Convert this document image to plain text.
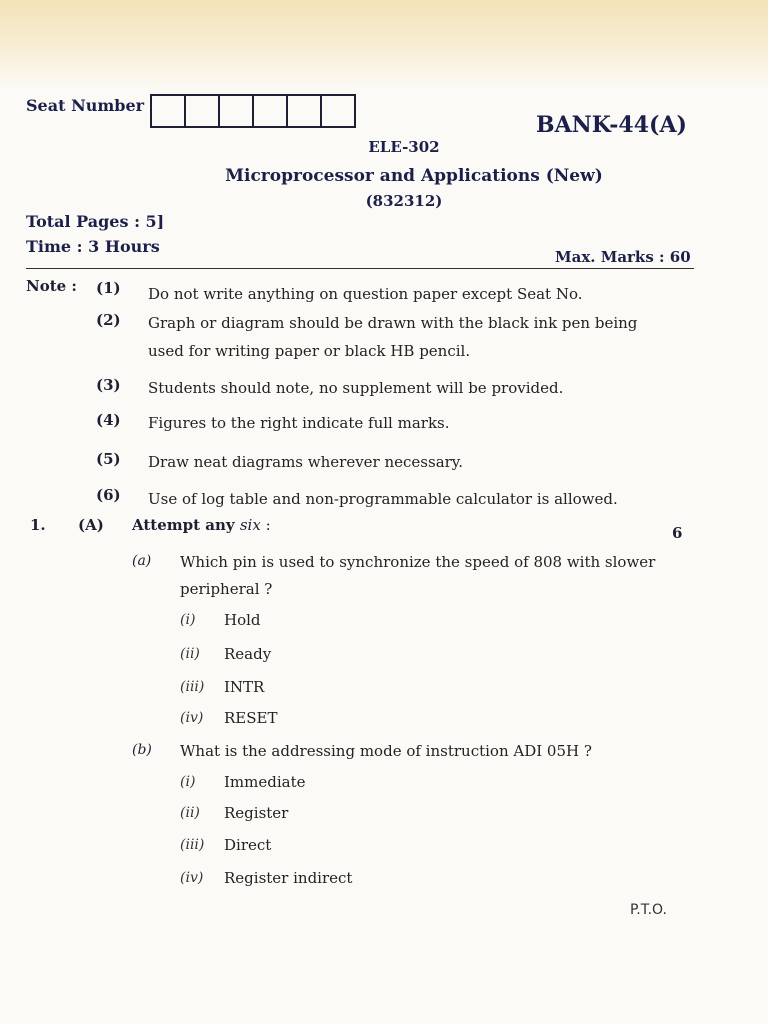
Seat Number
BANK-44(A)
ELE-302
Microprocessor and Applications (New)
(832312)
Total Pages : 5]
Time : 3 Hours
Max. Marks : 60
Note : (1) Do not write anything on question paper except Seat No.
(2) Graph or diagram should be drawn with the black ink pen being
used for writing paper or black HB pencil.
(3) Students should note, no supplement will be provided.
(4) Figures to the right indicate full marks.
(5) Draw neat diagrams wherever necessary.
(6) Use of log table and non-programmable calculator is allowed.
1. (A) Attempt any six :	6
(a) Which pin is used to synchronize the speed of 808 with slower
peripheral ?
(i) Hold
(ii) Ready
(iii) INTR
(iv) RESET
(b) What is the addressing mode of instruction ADI 05H ?
(i) Immediate
(ii) Register
(iii) Direct
(iv) Register indirect
P.T.O.
